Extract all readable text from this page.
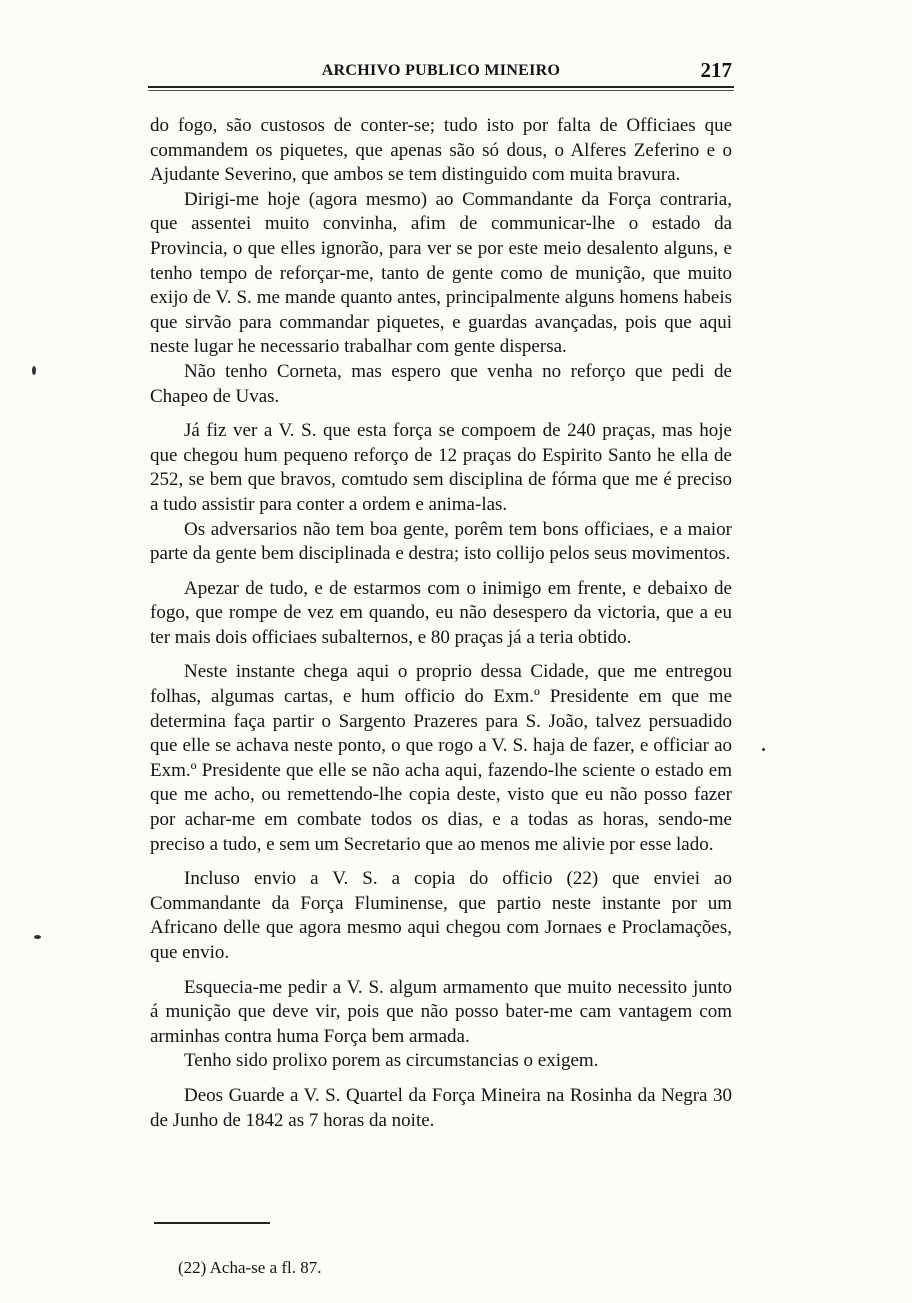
ARCHIVO PUBLICO MINEIRO	217

do fogo, são custosos de conter-se; tudo isto por falta de Officiaes que commandem os piquetes, que apenas são só dous, o Alferes Zeferino e o Ajudante Severino, que ambos se tem distinguido com muita bravura.

Dirigi-me hoje (agora mesmo) ao Commandante da Força contraria, que assentei muito convinha, afim de communicar-lhe o estado da Provincia, o que elles ignorão, para ver se por este meio desalento alguns, e tenho tempo de reforçar-me, tanto de gente como de munição, que muito exijo de V. S. me mande quanto antes, principalmente alguns homens habeis que sirvão para commandar piquetes, e guardas avançadas, pois que aqui neste lugar he necessario trabalhar com gente dispersa.

Não tenho Corneta, mas espero que venha no reforço que pedi de Chapeo de Uvas.

Já fiz ver a V. S. que esta força se compoem de 240 praças, mas hoje que chegou hum pequeno reforço de 12 praças do Espirito Santo he ella de 252, se bem que bravos, comtudo sem disciplina de fórma que me é preciso a tudo assistir para conter a ordem e anima-las.

Os adversarios não tem boa gente, porêm tem bons officiaes, e a maior parte da gente bem disciplinada e destra; isto collijo pelos seus movimentos.

Apezar de tudo, e de estarmos com o inimigo em frente, e debaixo de fogo, que rompe de vez em quando, eu não desespero da victoria, que a eu ter mais dois officiaes subalternos, e 80 praças já a teria obtido.

Neste instante chega aqui o proprio dessa Cidade, que me entregou folhas, algumas cartas, e hum officio do Exm.º Presidente em que me determina faça partir o Sargento Prazeres para S. João, talvez persuadido que elle se achava neste ponto, o que rogo a V. S. haja de fazer, e officiar ao Exm.º Presidente que elle se não acha aqui, fazendo-lhe sciente o estado em que me acho, ou remettendo-lhe copia deste, visto que eu não posso fazer por achar-me em combate todos os dias, e a todas as horas, sendo-me preciso a tudo, e sem um Secretario que ao menos me alivie por esse lado.

Incluso envio a V. S. a copia do officio (22) que enviei ao Commandante da Força Fluminense, que partio neste instante por um Africano delle que agora mesmo aqui chegou com Jornaes e Proclamações, que envio.

Esquecia-me pedir a V. S. algum armamento que muito necessito junto á munição que deve vir, pois que não posso bater-me cam vantagem com arminhas contra huma Força bem armada.

Tenho sido prolixo porem as circumstancias o exigem.

Deos Guarde a V. S. Quartel da Força Mineira na Rosinha da Negra 30 de Junho de 1842 as 7 horas da noite.

(22) Acha-se a fl. 87.
